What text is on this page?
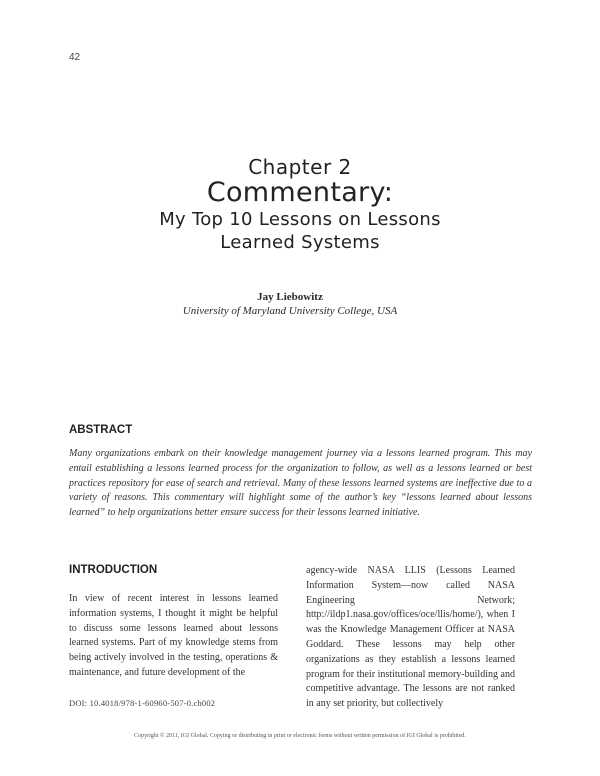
42
Chapter 2
Commentary:
My Top 10 Lessons on Lessons
Learned Systems
Jay Liebowitz
University of Maryland University College, USA
ABSTRACT
Many organizations embark on their knowledge management journey via a lessons learned program. This may entail establishing a lessons learned process for the organization to follow, as well as a lessons learned or best practices repository for ease of search and retrieval. Many of these lessons learned systems are ineffective due to a variety of reasons. This commentary will highlight some of the author’s key “lessons learned about lessons learned” to help organizations better ensure success for their lessons learned initiative.
INTRODUCTION
In view of recent interest in lessons learned information systems, I thought it might be helpful to discuss some lessons learned about lessons learned systems. Part of my knowledge stems from being actively involved in the testing, operations & maintenance, and future development of the
agency-wide NASA LLIS (Lessons Learned Information System—now called NASA Engineering Network; http://ildp1.nasa.gov/offices/oce/llis/home/), when I was the Knowledge Management Officer at NASA Goddard. These lessons may help other organizations as they establish a lessons learned program for their institutional memory-building and competitive advantage. The lessons are not ranked in any set priority, but collectively
DOI: 10.4018/978-1-60960-507-0.ch002
Copyright © 2011, IGI Global. Copying or distributing in print or electronic forms without written permission of IGI Global is prohibited.
